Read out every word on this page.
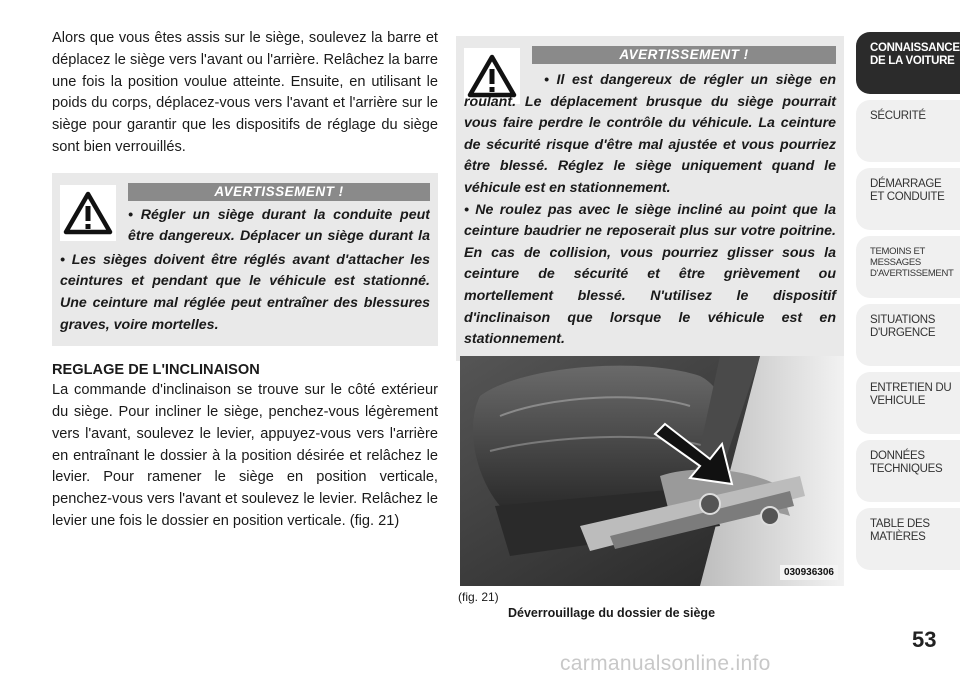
Alors que vous êtes assis sur le siège, soulevez la barre et déplacez le siège vers l'avant ou l'arrière. Relâchez la barre une fois la position voulue atteinte. Ensuite, en utilisant le poids du corps, déplacez-vous vers l'avant et l'arrière sur le siège pour garantir que les dispositifs de réglage du siège sont bien verrouillés.

AVERTISSEMENT !
• Régler un siège durant la conduite peut être dangereux. Déplacer un siège durant la
• Les sièges doivent être réglés avant d'attacher les ceintures et pendant que le véhicule est stationné. Une ceinture mal réglée peut entraîner des blessures graves, voire mortelles.
REGLAGE DE L'INCLINAISON

La commande d'inclinaison se trouve sur le côté extérieur du siège. Pour incliner le siège, penchez-vous légèrement vers l'avant, soulevez le levier, appuyez-vous vers l'arrière en entraînant le dossier à la position désirée et relâchez le levier. Pour ramener le siège en position verticale, penchez-vous vers l'avant et soulevez le levier. Relâchez le levier une fois le dossier en position verticale. (fig. 21)

AVERTISSEMENT !
• Il est dangereux de régler un siège en roulant. Le déplacement brusque du siège pourrait vous faire perdre le contrôle du véhicule. La ceinture de sécurité risque d'être mal ajustée et vous pourriez être blessé. Réglez le siège uniquement quand le véhicule est en stationnement.
• Ne roulez pas avec le siège incliné au point que la ceinture baudrier ne reposerait plus sur votre poitrine. En cas de collision, vous pourriez glisser sous la ceinture de sécurité et être grièvement ou mortellement blessé. N'utilisez le dispositif d'inclinaison que lorsque le véhicule est en stationnement.
030936306
(fig. 21)
Déverrouillage du dossier de siège
CONNAISSANCE DE LA VOITURE
SÉCURITÉ
DÉMARRAGE ET CONDUITE
TEMOINS ET MESSAGES D'AVERTISSEMENT
SITUATIONS D'URGENCE
ENTRETIEN DU VEHICULE
DONNÉES TECHNIQUES
TABLE DES MATIÈRES
53
carmanualsonline.info
